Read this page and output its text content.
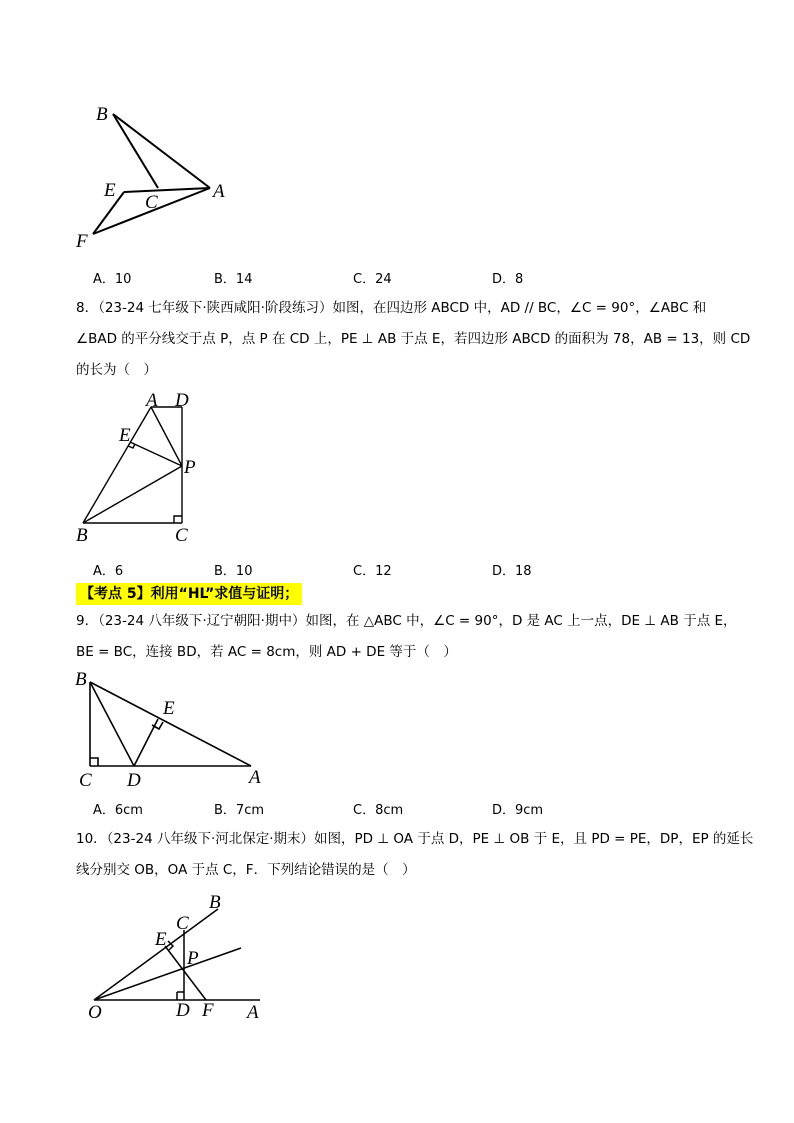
B
E
C
A
F
A．10	B．14	C．24	D．8
8．（23-24 七年级下·陕西咸阳·阶段练习）如图，在四边形 ABCD 中，AD // BC，∠C = 90°，∠ABC 和
∠BAD 的平分线交于点 P，点 P 在 CD 上，PE ⊥ AB 于点 E，若四边形 ABCD 的面积为 78，AB = 13，则 CD
的长为（　）
A D
E
P
B	C
A．6	B．10	C．12	D．18
【考点 5】利用“HL”求值与证明；
9．（23-24 八年级下·辽宁朝阳·期中）如图，在 △ABC 中，∠C = 90°，D 是 AC 上一点，DE ⊥ AB 于点 E，
BE = BC，连接 BD，若 AC = 8cm，则 AD + DE 等于（　）
B
E
C D	A
A．6cm	B．7cm	C．8cm	D．9cm
10．（23-24 八年级下·河北保定·期末）如图，PD ⊥ OA 于点 D，PE ⊥ OB 于 E，且 PD = PE，DP，EP 的延长
线分别交 OB，OA 于点 C，F．下列结论错误的是（　）
C
B
E
P
O	D F A
